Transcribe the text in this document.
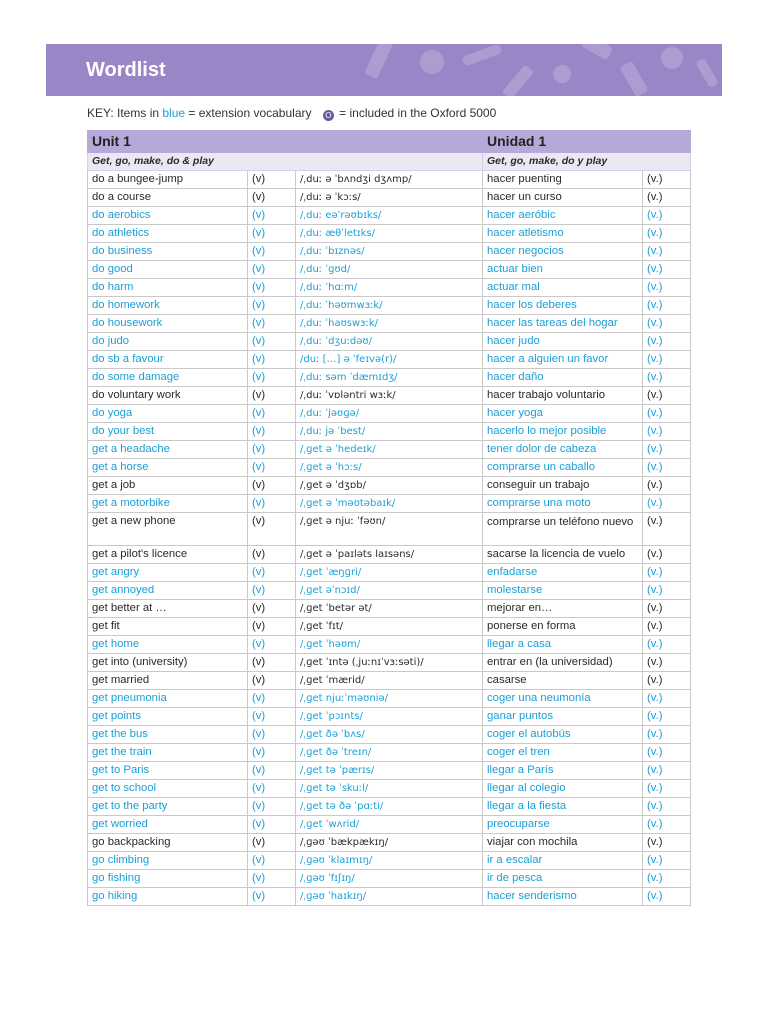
Wordlist
KEY: Items in blue = extension vocabulary O = included in the Oxford 5000
Unit 1			Unidad 1	
Get, go, make, do & play			Get, go, make, do y play	
do a bungee-jump	(v)	/ˌduː ə ˈbʌndʒi dʒʌmp/	hacer puenting	(v.)
do a course	(v)	/ˌduː ə ˈkɔːs/	hacer un curso	(v.)
do aerobics	(v)	/ˌduː eəˈrəʊbɪks/	hacer aeróbic	(v.)
do athletics	(v)	/ˌduː æθˈletɪks/	hacer atletismo	(v.)
do business	(v)	/ˌduː ˈbɪznəs/	hacer negocios	(v.)
do good	(v)	/ˌduː ˈɡʊd/	actuar bien	(v.)
do harm	(v)	/ˌduː ˈhɑːm/	actuar mal	(v.)
do homework	(v)	/ˌduː ˈhəʊmwɜːk/	hacer los deberes	(v.)
do housework	(v)	/ˌduː ˈhaʊswɜːk/	hacer las tareas del hogar	(v.)
do judo	(v)	/ˌduː ˈdʒuːdəʊ/	hacer judo	(v.)
do sb a favour	(v)	/duː […] ə ˈfeɪvə(r)/	hacer a alguien un favor	(v.)
do some damage	(v)	/ˌduː səm ˈdæmɪdʒ/	hacer daño	(v.)
do voluntary work	(v)	/ˌduː ˈvɒləntri wɜːk/	hacer trabajo voluntario	(v.)
do yoga	(v)	/ˌduː ˈjəʊɡə/	hacer yoga	(v.)
do your best	(v)	/ˌduː jə ˈbest/	hacerlo lo mejor posible	(v.)
get a headache	(v)	/ˌɡet ə ˈhedeɪk/	tener dolor de cabeza	(v.)
get a horse	(v)	/ˌɡet ə ˈhɔːs/	comprarse un caballo	(v.)
get a job	(v)	/ˌɡet ə ˈdʒɒb/	conseguir un trabajo	(v.)
get a motorbike	(v)	/ˌɡet ə ˈməʊtəbaɪk/	comprarse una moto	(v.)
get a new phone	(v)	/ˌɡet ə njuː ˈfəʊn/	comprarse un teléfono nuevo	(v.)
get a pilot's licence	(v)	/ˌɡet ə ˈpaɪləts laɪsəns/	sacarse la licencia de vuelo	(v.)
get angry	(v)	/ˌɡet ˈæŋɡri/	enfadarse	(v.)
get annoyed	(v)	/ˌɡet əˈnɔɪd/	molestarse	(v.)
get better at …	(v)	/ˌɡet ˈbetər ət/	mejorar en…	(v.)
get fit	(v)	/ˌɡet ˈfɪt/	ponerse en forma	(v.)
get home	(v)	/ˌɡet ˈhəʊm/	llegar a casa	(v.)
get into (university)	(v)	/ˌɡet ˈɪntə (ˌjuːnɪˈvɜːsəti)/	entrar en (la universidad)	(v.)
get married	(v)	/ˌɡet ˈmærid/	casarse	(v.)
get pneumonia	(v)	/ˌɡet njuːˈməʊniə/	coger una neumonía	(v.)
get points	(v)	/ˌɡet ˈpɔɪnts/	ganar puntos	(v.)
get the bus	(v)	/ˌɡet ðə ˈbʌs/	coger el autobús	(v.)
get the train	(v)	/ˌɡet ðə ˈtreɪn/	coger el tren	(v.)
get to Paris	(v)	/ˌɡet tə ˈpærɪs/	llegar a París	(v.)
get to school	(v)	/ˌɡet tə ˈskuːl/	llegar al colegio	(v.)
get to the party	(v)	/ˌɡet tə ðə ˈpɑːti/	llegar a la fiesta	(v.)
get worried	(v)	/ˌɡet ˈwʌrid/	preocuparse	(v.)
go backpacking	(v)	/ˌɡəʊ ˈbækpækɪŋ/	viajar con mochila	(v.)
go climbing	(v)	/ˌɡəʊ ˈklaɪmɪŋ/	ir a escalar	(v.)
go fishing	(v)	/ˌɡəʊ ˈfɪʃɪŋ/	ir de pesca	(v.)
go hiking	(v)	/ˌɡəʊ ˈhaɪkɪŋ/	hacer senderismo	(v.)
